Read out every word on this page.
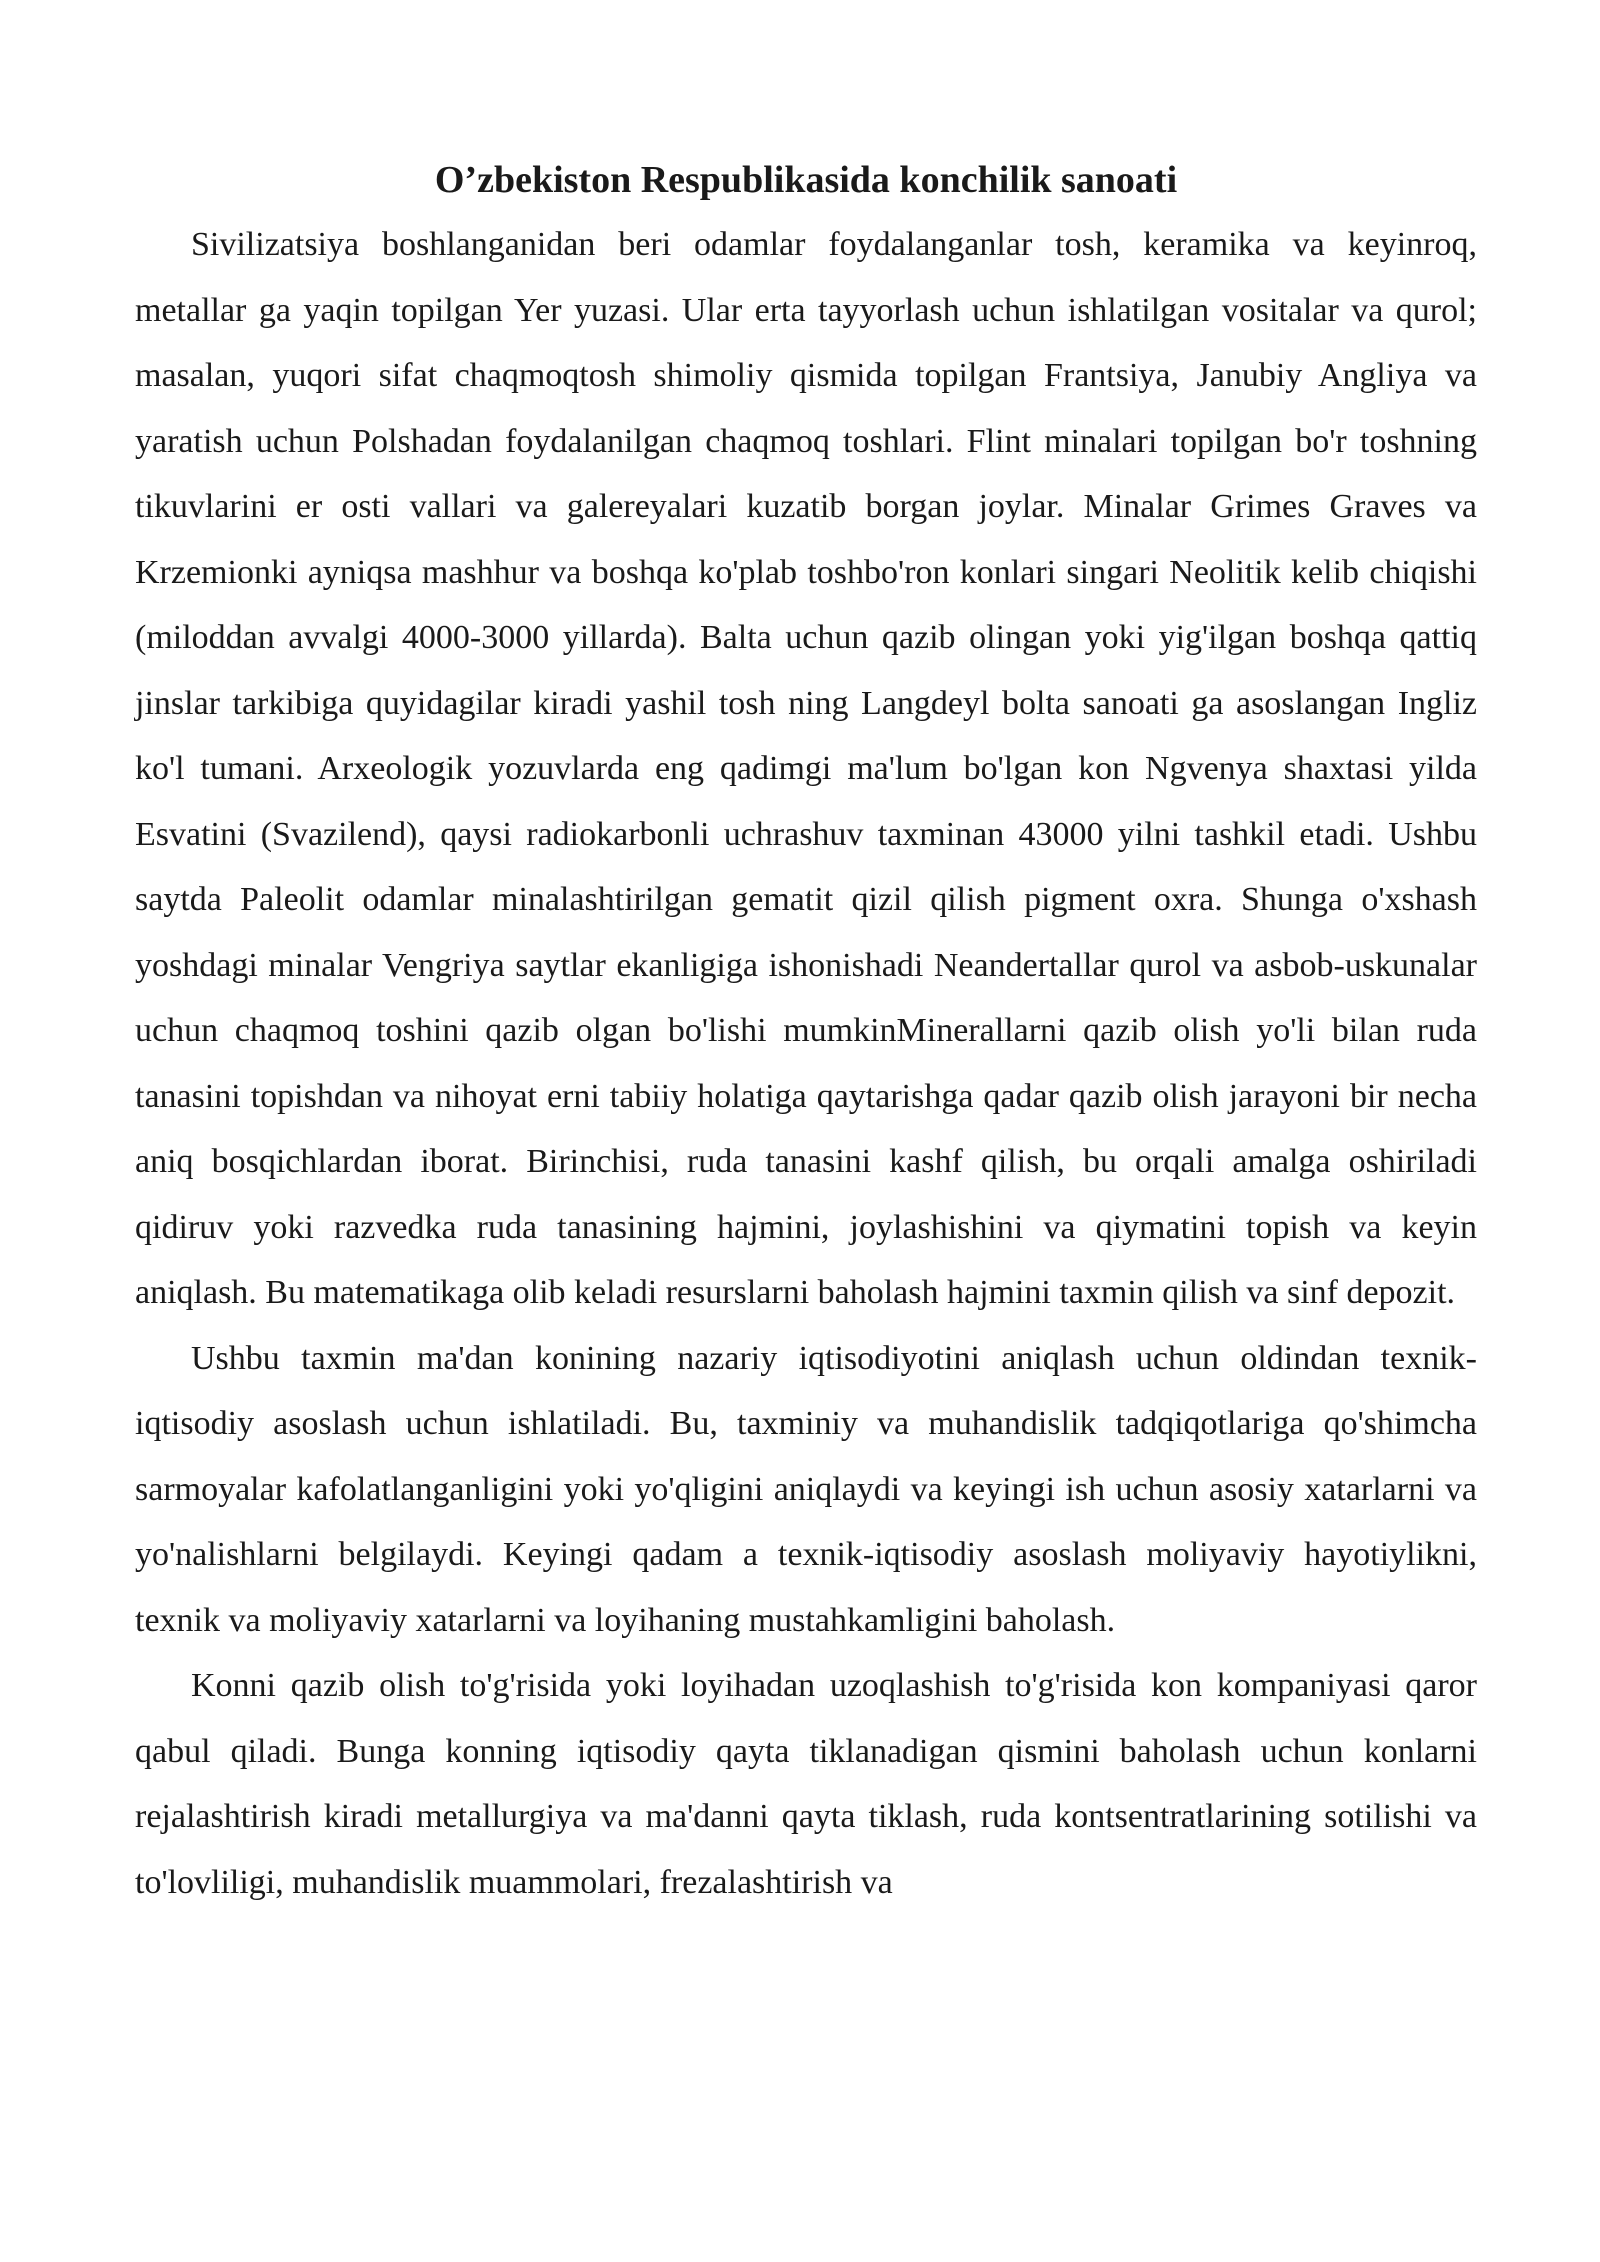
O’zbekiston Respublikasida konchilik sanoati

Sivilizatsiya boshlanganidan beri odamlar foydalanganlar tosh, keramika va keyinroq, metallar ga yaqin topilgan Yer yuzasi. Ular erta tayyorlash uchun ishlatilgan vositalar va qurol; masalan, yuqori sifat chaqmoqtosh shimoliy qismida topilgan Frantsiya, Janubiy Angliya va yaratish uchun Polshadan foydalanilgan chaqmoq toshlari. Flint minalari topilgan bo'r toshning tikuvlarini er osti vallari va galereyalari kuzatib borgan joylar. Minalar Grimes Graves va Krzemionki ayniqsa mashhur va boshqa ko'plab toshbo'ron konlari singari Neolitik kelib chiqishi (miloddan avvalgi 4000-3000 yillarda). Balta uchun qazib olingan yoki yig'ilgan boshqa qattiq jinslar tarkibiga quyidagilar kiradi yashil tosh ning Langdeyl bolta sanoati ga asoslangan Ingliz ko'l tumani. Arxeologik yozuvlarda eng qadimgi ma'lum bo'lgan kon Ngvenya shaxtasi yilda Esvatini (Svazilend), qaysi radiokarbonli uchrashuv taxminan 43000 yilni tashkil etadi. Ushbu saytda Paleolit odamlar minalashtirilgan gematit qizil qilish pigment oxra. Shunga o'xshash yoshdagi minalar Vengriya saytlar ekanligiga ishonishadi Neandertallar qurol va asbob-uskunalar uchun chaqmoq toshini qazib olgan bo'lishi mumkinMinerallarni qazib olish yo'li bilan ruda tanasini topishdan va nihoyat erni tabiiy holatiga qaytarishga qadar qazib olish jarayoni bir necha aniq bosqichlardan iborat. Birinchisi, ruda tanasini kashf qilish, bu orqali amalga oshiriladi qidiruv yoki razvedka ruda tanasining hajmini, joylashishini va qiymatini topish va keyin aniqlash. Bu matematikaga olib keladi resurslarni baholash hajmini taxmin qilish va sinf depozit.

Ushbu taxmin ma'dan konining nazariy iqtisodiyotini aniqlash uchun oldindan texnik-iqtisodiy asoslash uchun ishlatiladi. Bu, taxminiy va muhandislik tadqiqotlariga qo'shimcha sarmoyalar kafolatlanganligini yoki yo'qligini aniqlaydi va keyingi ish uchun asosiy xatarlarni va yo'nalishlarni belgilaydi. Keyingi qadam a texnik-iqtisodiy asoslash moliyaviy hayotiylikni, texnik va moliyaviy xatarlarni va loyihaning mustahkamligini baholash.

Konni qazib olish to'g'risida yoki loyihadan uzoqlashish to'g'risida kon kompaniyasi qaror qabul qiladi. Bunga konning iqtisodiy qayta tiklanadigan qismini baholash uchun konlarni rejalashtirish kiradi metallurgiya va ma'danni qayta tiklash, ruda kontsentratlarining sotilishi va to'lovliligi, muhandislik muammolari, frezalashtirish va
